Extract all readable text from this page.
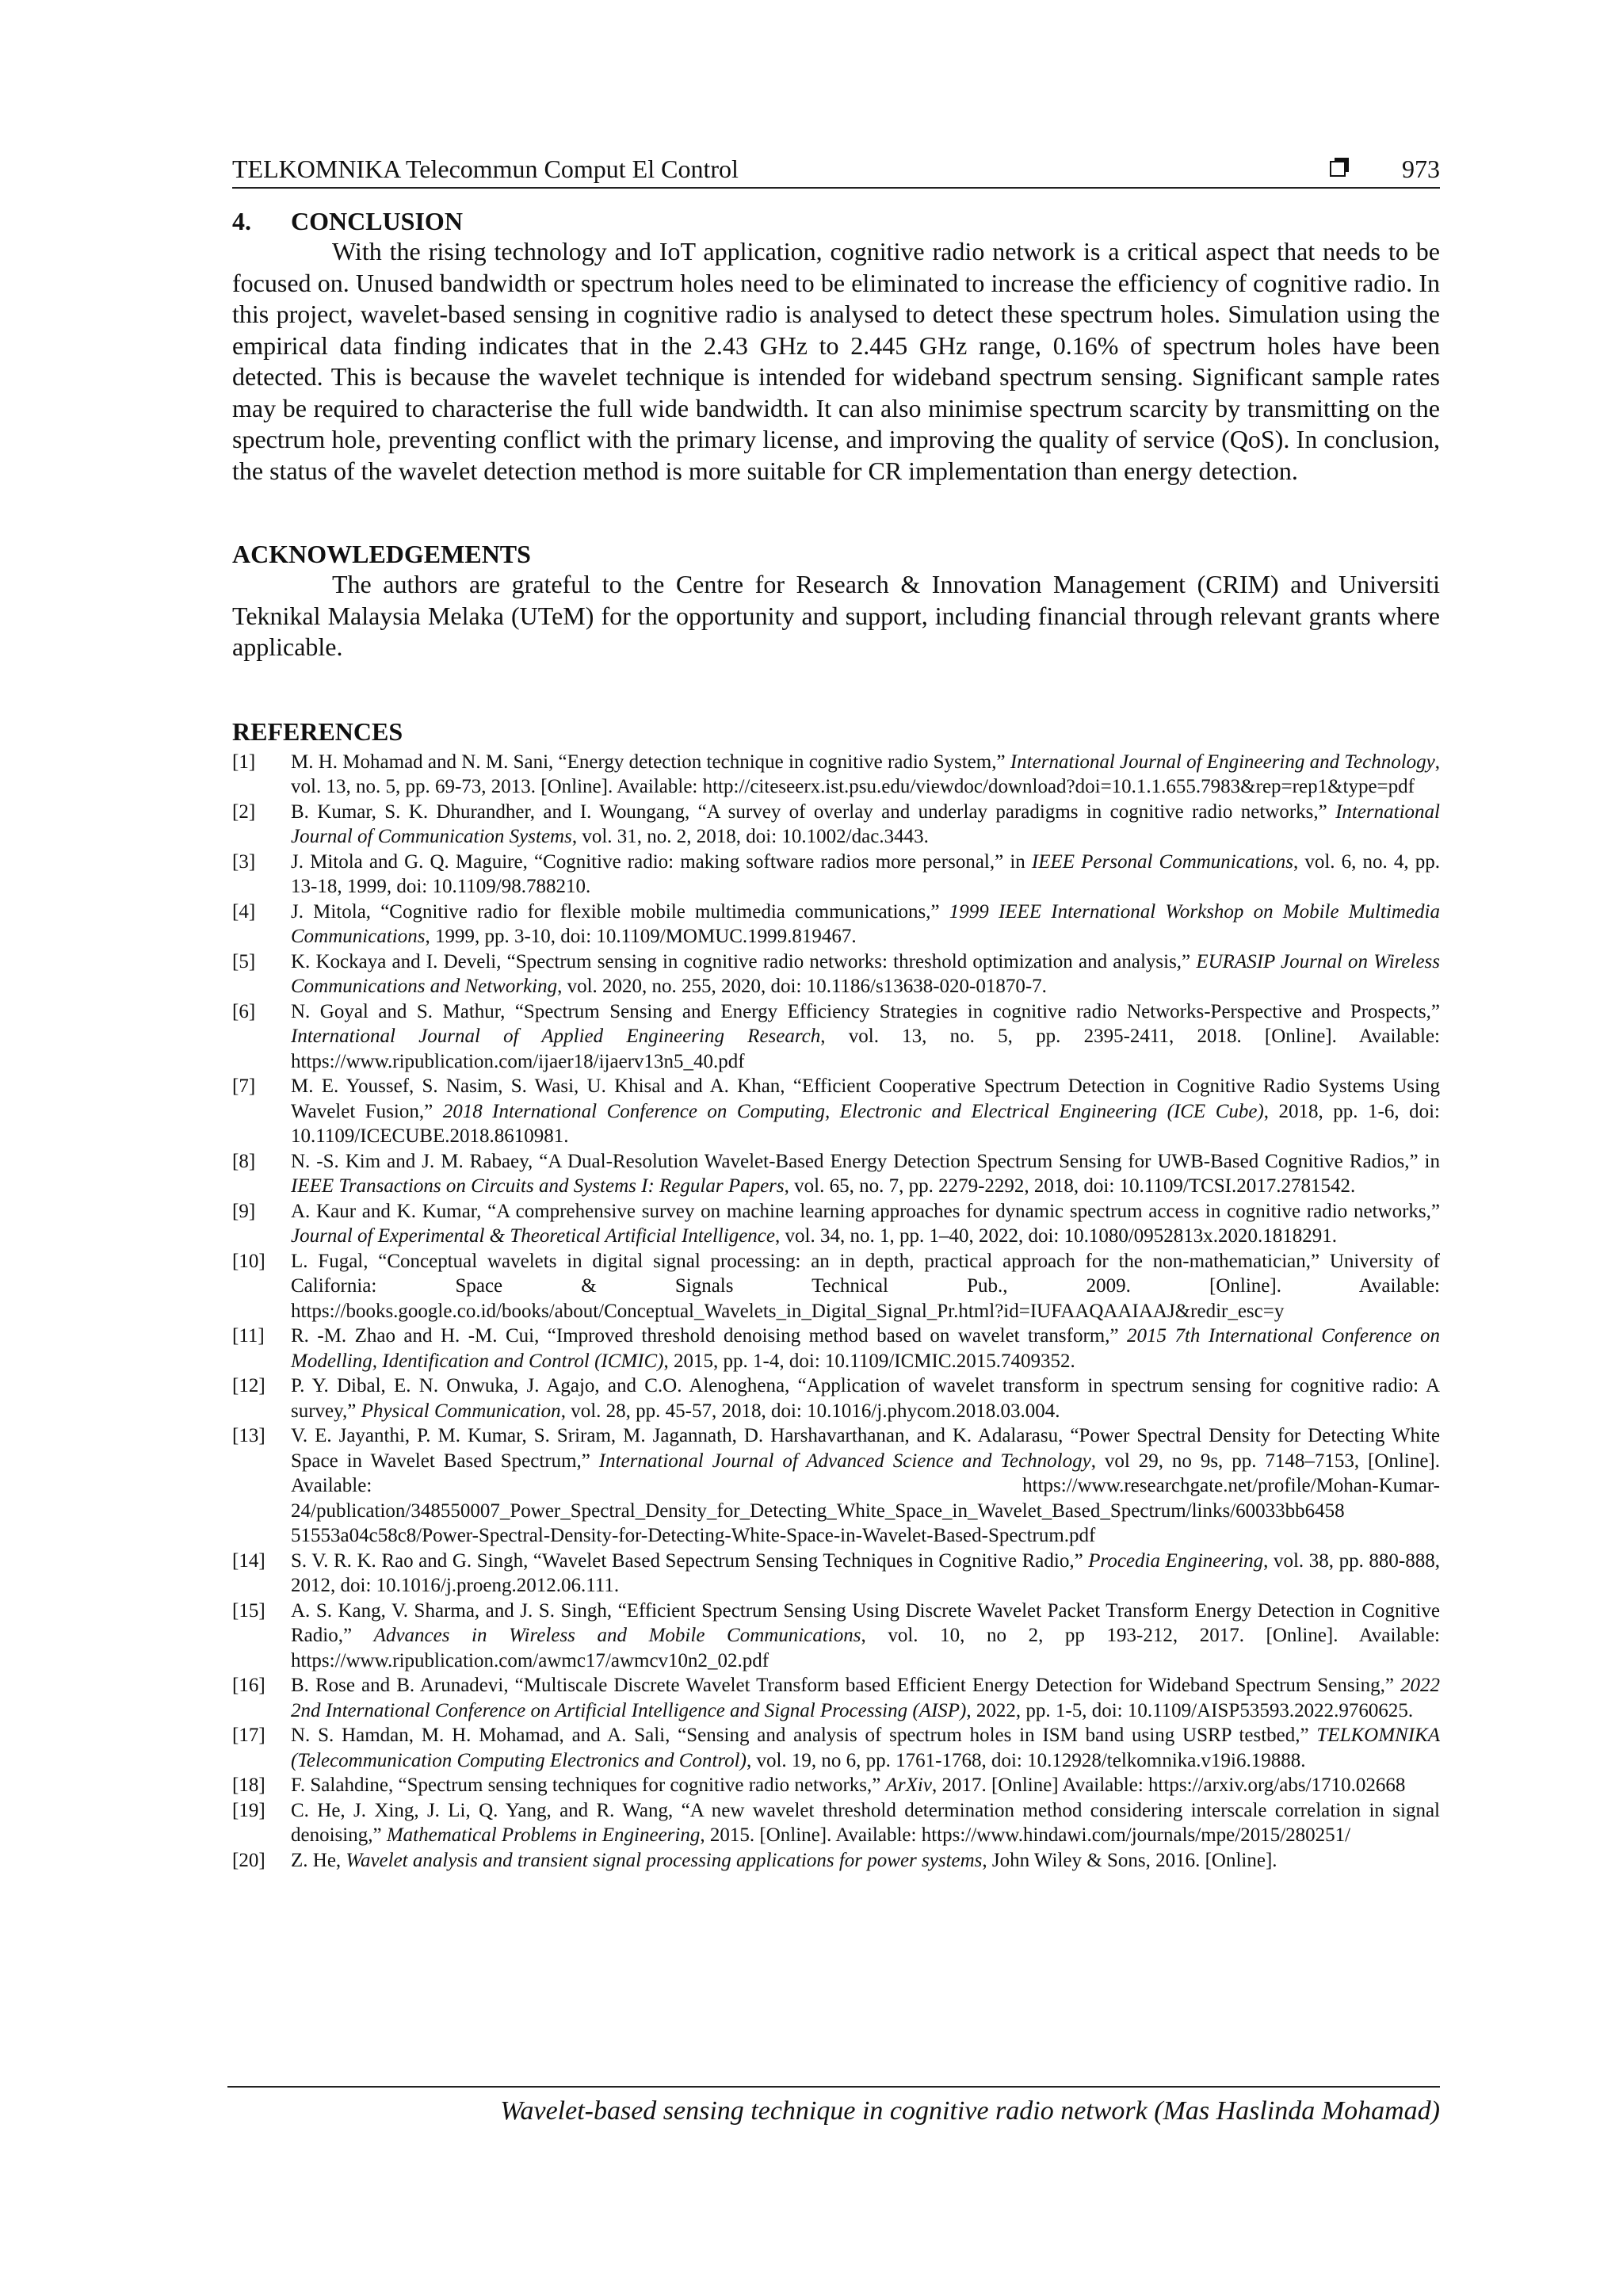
TELKOMNIKA Telecommun Comput El Control	973
4. CONCLUSION

With the rising technology and IoT application, cognitive radio network is a critical aspect that needs to be focused on. Unused bandwidth or spectrum holes need to be eliminated to increase the efficiency of cognitive radio. In this project, wavelet-based sensing in cognitive radio is analysed to detect these spectrum holes. Simulation using the empirical data finding indicates that in the 2.43 GHz to 2.445 GHz range, 0.16% of spectrum holes have been detected. This is because the wavelet technique is intended for wideband spectrum sensing. Significant sample rates may be required to characterise the full wide bandwidth. It can also minimise spectrum scarcity by transmitting on the spectrum hole, preventing conflict with the primary license, and improving the quality of service (QoS). In conclusion, the status of the wavelet detection method is more suitable for CR implementation than energy detection.

ACKNOWLEDGEMENTS

The authors are grateful to the Centre for Research & Innovation Management (CRIM) and Universiti Teknikal Malaysia Melaka (UTeM) for the opportunity and support, including financial through relevant grants where applicable.

REFERENCES
[1] M. H. Mohamad and N. M. Sani, “Energy detection technique in cognitive radio System,” International Journal of Engineering and Technology, vol. 13, no. 5, pp. 69-73, 2013. [Online]. Available: http://citeseerx.ist.psu.edu/viewdoc/download?doi=10.1.1.655.7983&rep=rep1&type=pdf
[2] B. Kumar, S. K. Dhurandher, and I. Woungang, “A survey of overlay and underlay paradigms in cognitive radio networks,” International Journal of Communication Systems, vol. 31, no. 2, 2018, doi: 10.1002/dac.3443.
[3] J. Mitola and G. Q. Maguire, “Cognitive radio: making software radios more personal,” in IEEE Personal Communications, vol. 6, no. 4, pp. 13-18, 1999, doi: 10.1109/98.788210.
[4] J. Mitola, “Cognitive radio for flexible mobile multimedia communications,” 1999 IEEE International Workshop on Mobile Multimedia Communications, 1999, pp. 3-10, doi: 10.1109/MOMUC.1999.819467.
[5] K. Kockaya and I. Develi, “Spectrum sensing in cognitive radio networks: threshold optimization and analysis,” EURASIP Journal on Wireless Communications and Networking, vol. 2020, no. 255, 2020, doi: 10.1186/s13638-020-01870-7.
[6] N. Goyal and S. Mathur, “Spectrum Sensing and Energy Efficiency Strategies in cognitive radio Networks-Perspective and Prospects,” International Journal of Applied Engineering Research, vol. 13, no. 5, pp. 2395-2411, 2018. [Online]. Available: https://www.ripublication.com/ijaer18/ijaerv13n5_40.pdf
[7] M. E. Youssef, S. Nasim, S. Wasi, U. Khisal and A. Khan, “Efficient Cooperative Spectrum Detection in Cognitive Radio Systems Using Wavelet Fusion,” 2018 International Conference on Computing, Electronic and Electrical Engineering (ICE Cube), 2018, pp. 1-6, doi: 10.1109/ICECUBE.2018.8610981.
[8] N. -S. Kim and J. M. Rabaey, “A Dual-Resolution Wavelet-Based Energy Detection Spectrum Sensing for UWB-Based Cognitive Radios,” in IEEE Transactions on Circuits and Systems I: Regular Papers, vol. 65, no. 7, pp. 2279-2292, 2018, doi: 10.1109/TCSI.2017.2781542.
[9] A. Kaur and K. Kumar, “A comprehensive survey on machine learning approaches for dynamic spectrum access in cognitive radio networks,” Journal of Experimental & Theoretical Artificial Intelligence, vol. 34, no. 1, pp. 1–40, 2022, doi: 10.1080/0952813x.2020.1818291.
[10] L. Fugal, “Conceptual wavelets in digital signal processing: an in depth, practical approach for the non-mathematician,” University of California: Space & Signals Technical Pub., 2009. [Online]. Available: https://books.google.co.id/books/about/Conceptual_Wavelets_in_Digital_Signal_Pr.html?id=IUFAAQAAIAAJ&redir_esc=y
[11] R. -M. Zhao and H. -M. Cui, “Improved threshold denoising method based on wavelet transform,” 2015 7th International Conference on Modelling, Identification and Control (ICMIC), 2015, pp. 1-4, doi: 10.1109/ICMIC.2015.7409352.
[12] P. Y. Dibal, E. N. Onwuka, J. Agajo, and C.O. Alenoghena, “Application of wavelet transform in spectrum sensing for cognitive radio: A survey,” Physical Communication, vol. 28, pp. 45-57, 2018, doi: 10.1016/j.phycom.2018.03.004.
[13] V. E. Jayanthi, P. M. Kumar, S. Sriram, M. Jagannath, D. Harshavarthanan, and K. Adalarasu, “Power Spectral Density for Detecting White Space in Wavelet Based Spectrum,” International Journal of Advanced Science and Technology, vol 29, no 9s, pp. 7148–7153, [Online]. Available: https://www.researchgate.net/profile/Mohan-Kumar-24/publication/348550007_Power_Spectral_Density_for_Detecting_White_Space_in_Wavelet_Based_Spectrum/links/60033bb6458 51553a04c58c8/Power-Spectral-Density-for-Detecting-White-Space-in-Wavelet-Based-Spectrum.pdf
[14] S. V. R. K. Rao and G. Singh, “Wavelet Based Sepectrum Sensing Techniques in Cognitive Radio,” Procedia Engineering, vol. 38, pp. 880-888, 2012, doi: 10.1016/j.proeng.2012.06.111.
[15] A. S. Kang, V. Sharma, and J. S. Singh, “Efficient Spectrum Sensing Using Discrete Wavelet Packet Transform Energy Detection in Cognitive Radio,” Advances in Wireless and Mobile Communications, vol. 10, no 2, pp 193-212, 2017. [Online]. Available: https://www.ripublication.com/awmc17/awmcv10n2_02.pdf
[16] B. Rose and B. Arunadevi, “Multiscale Discrete Wavelet Transform based Efficient Energy Detection for Wideband Spectrum Sensing,” 2022 2nd International Conference on Artificial Intelligence and Signal Processing (AISP), 2022, pp. 1-5, doi: 10.1109/AISP53593.2022.9760625.
[17] N. S. Hamdan, M. H. Mohamad, and A. Sali, “Sensing and analysis of spectrum holes in ISM band using USRP testbed,” TELKOMNIKA (Telecommunication Computing Electronics and Control), vol. 19, no 6, pp. 1761-1768, doi: 10.12928/telkomnika.v19i6.19888.
[18] F. Salahdine, “Spectrum sensing techniques for cognitive radio networks,” ArXiv, 2017. [Online] Available: https://arxiv.org/abs/1710.02668
[19] C. He, J. Xing, J. Li, Q. Yang, and R. Wang, “A new wavelet threshold determination method considering interscale correlation in signal denoising,” Mathematical Problems in Engineering, 2015. [Online]. Available: https://www.hindawi.com/journals/mpe/2015/280251/
[20] Z. He, Wavelet analysis and transient signal processing applications for power systems, John Wiley & Sons, 2016. [Online].
Wavelet-based sensing technique in cognitive radio network (Mas Haslinda Mohamad)
